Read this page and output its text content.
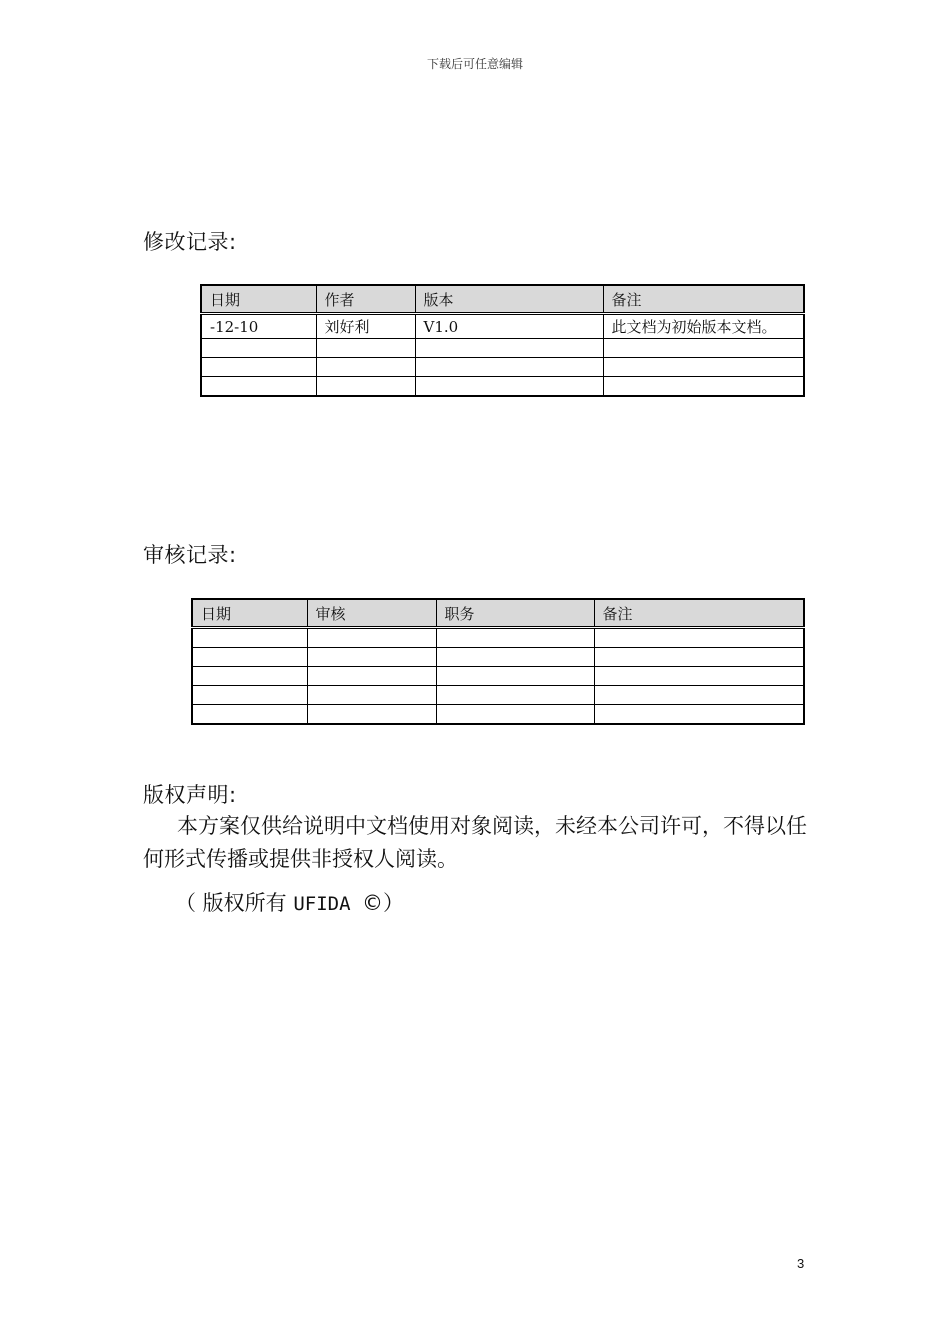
下载后可任意编辑
修改记录:
日期	作者	版本	备注
-12-10	刘好利	V1.0	此文档为初始版本文档。

审核记录:
日期	审核	职务	备注

版权声明:

本方案仅供给说明中文档使用对象阅读，未经本公司许可，不得以任何形式传播或提供非授权人阅读。

（ 版权所有 UFIDA ©）
3
